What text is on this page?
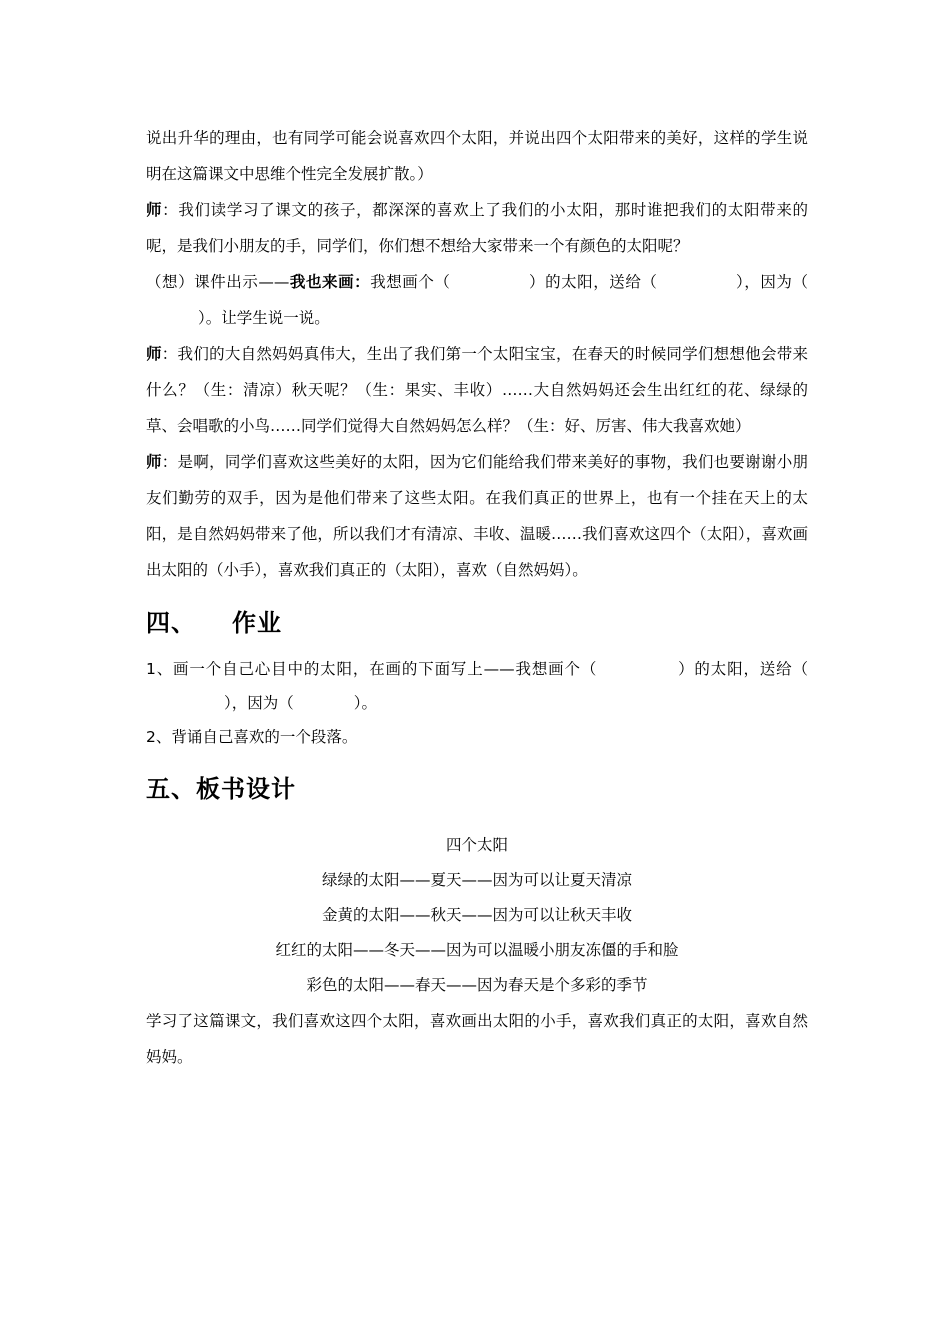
说出升华的理由，也有同学可能会说喜欢四个太阳，并说出四个太阳带来的美好，这样的学生说明在这篇课文中思维个性完全发展扩散。）

师：我们读学习了课文的孩子，都深深的喜欢上了我们的小太阳，那时谁把我们的太阳带来的呢，是我们小朋友的手，同学们，你们想不想给大家带来一个有颜色的太阳呢？

（想）课件出示——我也来画：我想画个（	）的太阳，送给（	），因为（）。让学生说一说。

师：我们的大自然妈妈真伟大，生出了我们第一个太阳宝宝，在春天的时候同学们想想他会带来什么？（生：清凉）秋天呢？（生：果实、丰收）……大自然妈妈还会生出红红的花、绿绿的草、会唱歌的小鸟……同学们觉得大自然妈妈怎么样？（生：好、厉害、伟大我喜欢她）

师：是啊，同学们喜欢这些美好的太阳，因为它们能给我们带来美好的事物，我们也要谢谢小朋友们勤劳的双手，因为是他们带来了这些太阳。在我们真正的世界上，也有一个挂在天上的太阳，是自然妈妈带来了他，所以我们才有清凉、丰收、温暖……我们喜欢这四个（太阳），喜欢画出太阳的（小手），喜欢我们真正的（太阳），喜欢（自然妈妈）。

四、 作业

1、画一个自己心目中的太阳，在画的下面写上——我想画个（	）的太阳，送给（），因为（	）。

2、背诵自己喜欢的一个段落。

五、板书设计

四个太阳

绿绿的太阳——夏天——因为可以让夏天清凉

金黄的太阳——秋天——因为可以让秋天丰收

红红的太阳——冬天——因为可以温暖小朋友冻僵的手和脸

彩色的太阳——春天——因为春天是个多彩的季节

学习了这篇课文，我们喜欢这四个太阳，喜欢画出太阳的小手，喜欢我们真正的太阳，喜欢自然妈妈。
